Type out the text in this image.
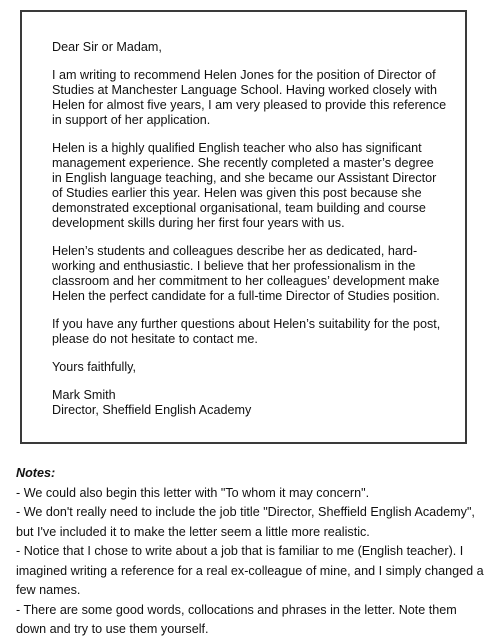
Dear Sir or Madam,

I am writing to recommend Helen Jones for the position of Director of Studies at Manchester Language School. Having worked closely with Helen for almost five years, I am very pleased to provide this reference in support of her application.

Helen is a highly qualified English teacher who also has significant management experience. She recently completed a master’s degree in English language teaching, and she became our Assistant Director of Studies earlier this year. Helen was given this post because she demonstrated exceptional organisational, team building and course development skills during her first four years with us.

Helen’s students and colleagues describe her as dedicated, hard-working and enthusiastic. I believe that her professionalism in the classroom and her commitment to her colleagues’ development make Helen the perfect candidate for a full-time Director of Studies position.

If you have any further questions about Helen’s suitability for the post, please do not hesitate to contact me.

Yours faithfully,

Mark Smith
Director, Sheffield English Academy

Notes:
- We could also begin this letter with "To whom it may concern".
- We don't really need to include the job title "Director, Sheffield English Academy", but I've included it to make the letter seem a little more realistic.
- Notice that I chose to write about a job that is familiar to me (English teacher). I imagined writing a reference for a real ex-colleague of mine, and I simply changed a few names.
- There are some good words, collocations and phrases in the letter. Note them down and try to use them yourself.
